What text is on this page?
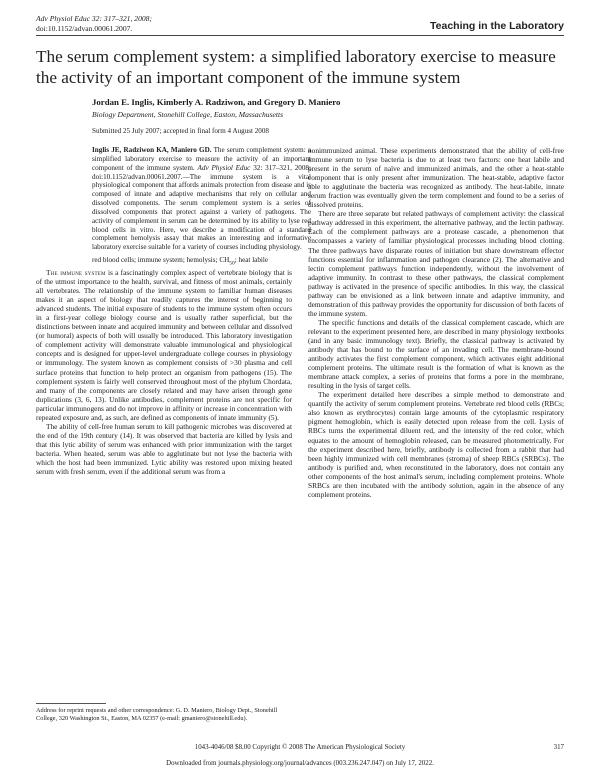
Adv Physiol Educ 32: 317–321, 2008;
doi:10.1152/advan.00061.2007.	Teaching in the Laboratory
The serum complement system: a simplified laboratory exercise to measure the activity of an important component of the immune system
Jordan E. Inglis, Kimberly A. Radziwon, and Gregory D. Maniero
Biology Department, Stonehill College, Easton, Massachusetts
Submitted 25 July 2007; accepted in final form 4 August 2008
Inglis JE, Radziwon KA, Maniero GD. The serum complement system: a simplified laboratory exercise to measure the activity of an important component of the immune system. Adv Physiol Educ 32: 317–321, 2008; doi:10.1152/advan.00061.2007.—The immune system is a vital physiological component that affords animals protection from disease and is composed of innate and adaptive mechanisms that rely on cellular and dissolved components. The serum complement system is a series of dissolved components that protect against a variety of pathogens. The activity of complement in serum can be determined by its ability to lyse red blood cells in vitro. Here, we describe a modification of a standard complement hemolysis assay that makes an interesting and informative laboratory exercise suitable for a variety of courses including physiology.
red blood cells; immune system; hemolysis; $CH_{50}$; heat labile

The immune system is a fascinatingly complex aspect of vertebrate biology that is of the utmost importance to the health, survival, and fitness of most animals, certainly all vertebrates. The relationship of the immune system to familiar human diseases makes it an aspect of biology that readily captures the interest of beginning to advanced students. The initial exposure of students to the immune system often occurs in a first-year college biology course and is usually rather superficial, but the distinctions between innate and acquired immunity and between cellular and dissolved (or humoral) aspects of both will usually be introduced. This laboratory investigation of complement activity will demonstrate valuable immunological and physiological concepts and is designed for upper-level undergraduate college courses in physiology or immunology. The system known as complement consists of >30 plasma and cell surface proteins that function to help protect an organism from pathogens (15). The complement system is fairly well conserved throughout most of the phylum Chordata, and many of the components are closely related and may have arisen through gene duplications (3, 6, 13). Unlike antibodies, complement proteins are not specific for particular immunogens and do not improve in affinity or increase in concentration with repeated exposure and, as such, are defined as components of innate immunity (5).

The ability of cell-free human serum to kill pathogenic microbes was discovered at the end of the 19th century (14). It was observed that bacteria are killed by lysis and that this lytic ability of serum was enhanced with prior immunization with the target bacteria. When heated, serum was able to agglutinate but not lyse the bacteria with which the host had been immunized. Lytic ability was restored upon mixing heated serum with fresh serum, even if the additional serum was from a

nonimmunized animal. These experiments demonstrated that the ability of cell-free immune serum to lyse bacteria is due to at least two factors: one heat labile and present in the serum of naïve and immunized animals, and the other a heat-stable component that is only present after immunization. The heat-stable, adaptive factor able to agglutinate the bacteria was recognized as antibody. The heat-labile, innate serum fraction was eventually given the term complement and found to be a series of dissolved proteins.

There are three separate but related pathways of complement activity: the classical pathway addressed in this experiment, the alternative pathway, and the lectin pathway. Each of the complement pathways are a protease cascade, a phenomenon that encompasses a variety of familiar physiological processes including blood clotting. The three pathways have disparate routes of initiation but share downstream effector functions essential for inflammation and pathogen clearance (2). The alternative and lectin complement pathways function independently, without the involvement of adaptive immunity. In contrast to these other pathways, the classical complement pathway is activated in the presence of specific antibodies. In this way, the classical pathway can be envisioned as a link between innate and adaptive immunity, and demonstration of this pathway provides the opportunity for discussion of both facets of the immune system.

The specific functions and details of the classical complement cascade, which are relevant to the experiment presented here, are described in many physiology textbooks (and in any basic immunology text). Briefly, the classical pathway is activated by antibody that has bound to the surface of an invading cell. The membrane-bound antibody activates the first complement component, which activates eight additional complement proteins. The ultimate result is the formation of what is known as the membrane attack complex, a series of proteins that forms a pore in the membrane, resulting in the lysis of target cells.

The experiment detailed here describes a simple method to demonstrate and quantify the activity of serum complement proteins. Vertebrate red blood cells (RBCs; also known as erythrocytes) contain large amounts of the cytoplasmic respiratory pigment hemoglobin, which is easily detected upon release from the cell. Lysis of RBCs turns the experimental diluent red, and the intensity of the red color, which equates to the amount of hemoglobin released, can be measured photometrically. For the experiment described here, briefly, antibody is collected from a rabbit that had been highly immunized with cell membranes (stroma) of sheep RBCs (SRBCs). The antibody is purified and, when reconstituted in the laboratory, does not contain any other components of the host animal's serum, including complement proteins. Whole SRBCs are then incubated with the antibody solution, again in the absence of any complement proteins.

Address for reprint requests and other correspondence: G. D. Maniero, Biology Dept., Stonehill College, 320 Washington St., Easton, MA 02357 (e-mail: gmaniero@stonehill.edu).
1043-4046/08 $8.00 Copyright © 2008 The American Physiological Society	317
Downloaded from journals.physiology.org/journal/advances (003.236.247.047) on July 17, 2022.
